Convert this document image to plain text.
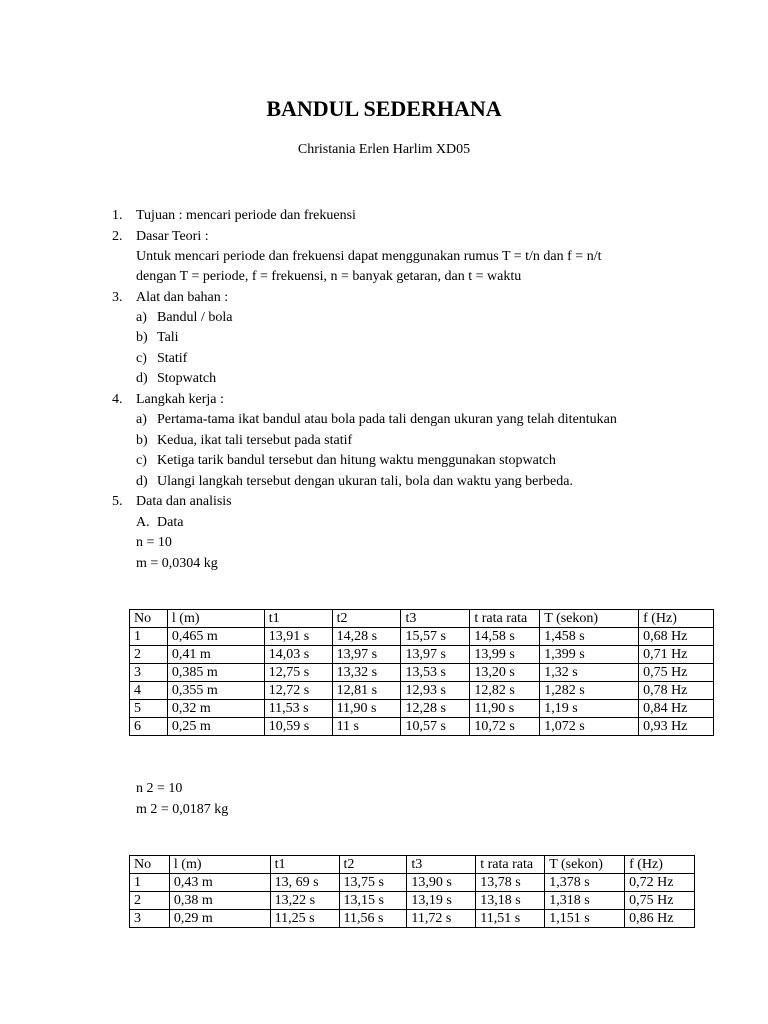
BANDUL SEDERHANA
Christania Erlen Harlim XD05
1. Tujuan : mencari periode dan frekuensi
2. Dasar Teori :
Untuk mencari periode dan frekuensi dapat menggunakan rumus T = t/n dan f = n/t
dengan T = periode, f = frekuensi, n = banyak getaran, dan t = waktu
3. Alat dan bahan :
a) Bandul / bola
b) Tali
c) Statif
d) Stopwatch
4. Langkah kerja :
a) Pertama-tama ikat bandul atau bola pada tali dengan ukuran yang telah ditentukan
b) Kedua, ikat tali tersebut pada statif
c) Ketiga tarik bandul tersebut dan hitung waktu menggunakan stopwatch
d) Ulangi langkah tersebut dengan ukuran tali, bola dan waktu yang berbeda.
5. Data dan analisis
A. Data
n = 10
m = 0,0304 kg
No	l (m)	t1	t2	t3	t rata rata	T (sekon)	f (Hz)
1	0,465 m	13,91 s	14,28 s	15,57 s	14,58 s	1,458 s	0,68 Hz
2	0,41 m	14,03 s	13,97 s	13,97 s	13,99 s	1,399 s	0,71 Hz
3	0,385 m	12,75 s	13,32 s	13,53 s	13,20 s	1,32 s	0,75 Hz
4	0,355 m	12,72 s	12,81 s	12,93 s	12,82 s	1,282 s	0,78 Hz
5	0,32 m	11,53 s	11,90 s	12,28 s	11,90 s	1,19 s	0,84 Hz
6	0,25 m	10,59 s	11 s	10,57 s	10,72 s	1,072 s	0,93 Hz
n 2 = 10
m 2 = 0,0187 kg
No	l (m)	t1	t2	t3	t rata rata	T (sekon)	f (Hz)
1	0,43 m	13, 69 s	13,75 s	13,90 s	13,78 s	1,378 s	0,72 Hz
2	0,38 m	13,22 s	13,15 s	13,19 s	13,18 s	1,318 s	0,75 Hz
3	0,29 m	11,25 s	11,56 s	11,72 s	11,51 s	1,151 s	0,86 Hz
